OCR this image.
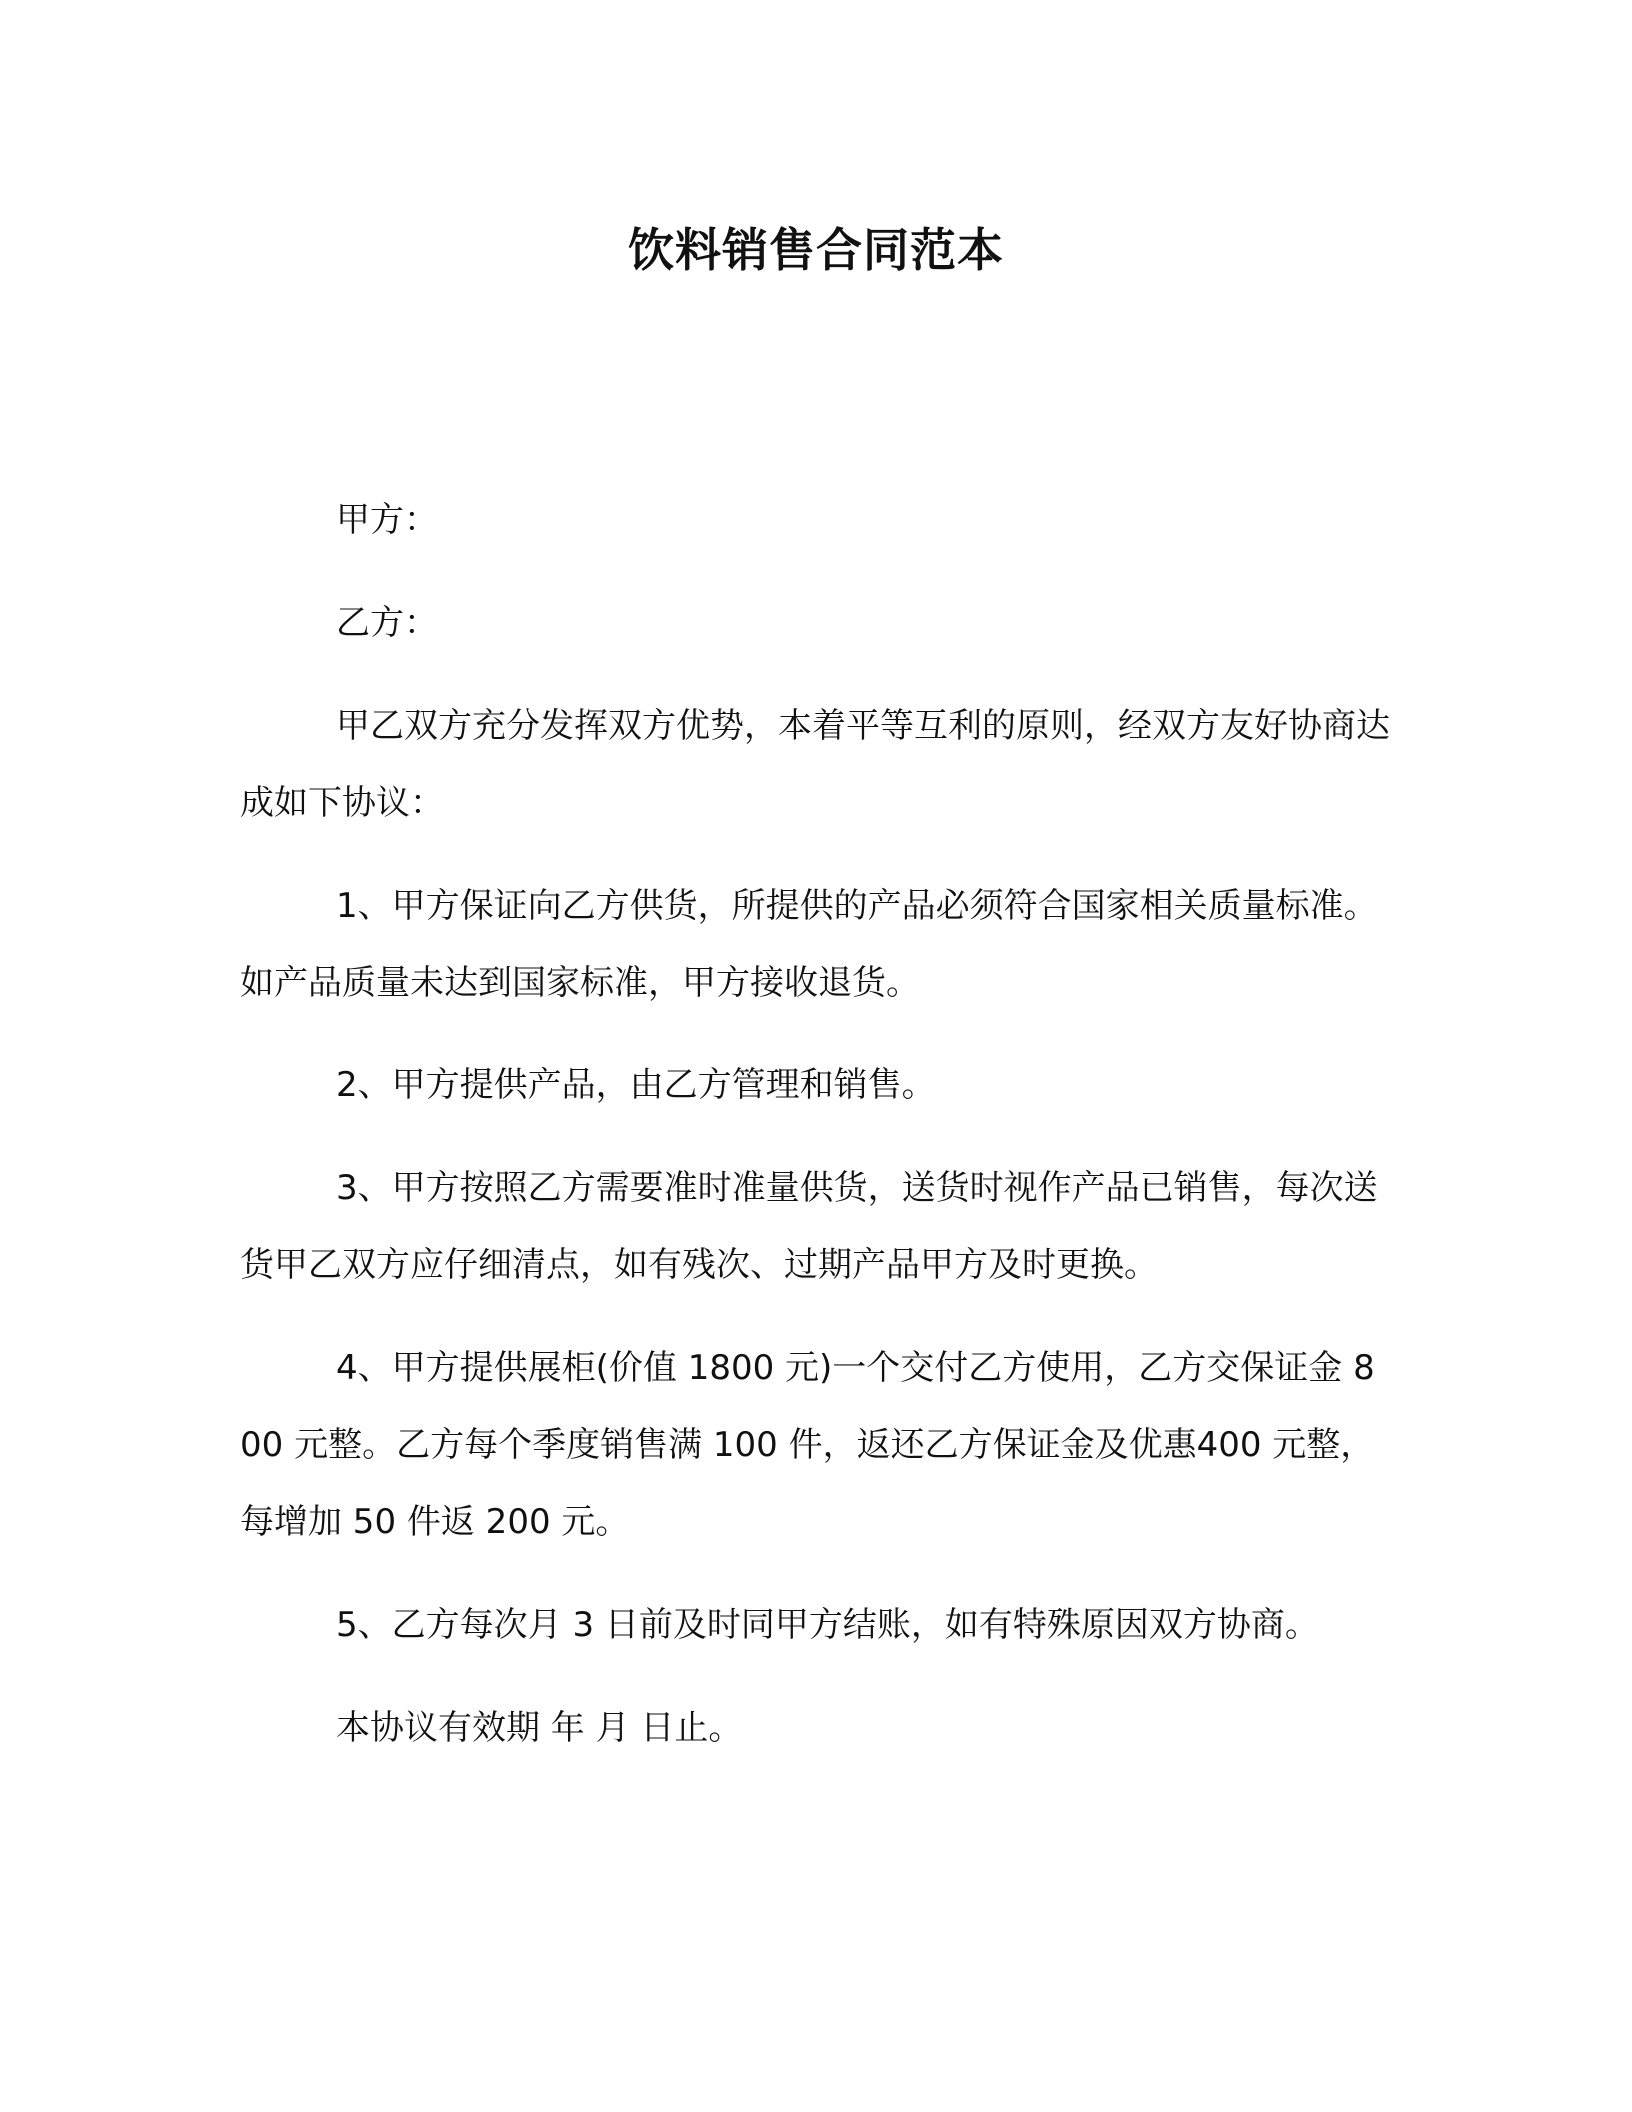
饮料销售合同范本
甲方：
乙方：
甲乙双方充分发挥双方优势，本着平等互利的原则，经双方友好协商达成如下协议：
1、甲方保证向乙方供货，所提供的产品必须符合国家相关质量标准。如产品质量未达到国家标准，甲方接收退货。
2、甲方提供产品，由乙方管理和销售。
3、甲方按照乙方需要准时准量供货，送货时视作产品已销售，每次送货甲乙双方应仔细清点，如有残次、过期产品甲方及时更换。
4、甲方提供展柜(价值 1800 元)一个交付乙方使用，乙方交保证金 800 元整。乙方每个季度销售满 100 件，返还乙方保证金及优惠400 元整，每增加 50 件返 200 元。
5、乙方每次月 3 日前及时同甲方结账，如有特殊原因双方协商。
本协议有效期 年 月 日止。
